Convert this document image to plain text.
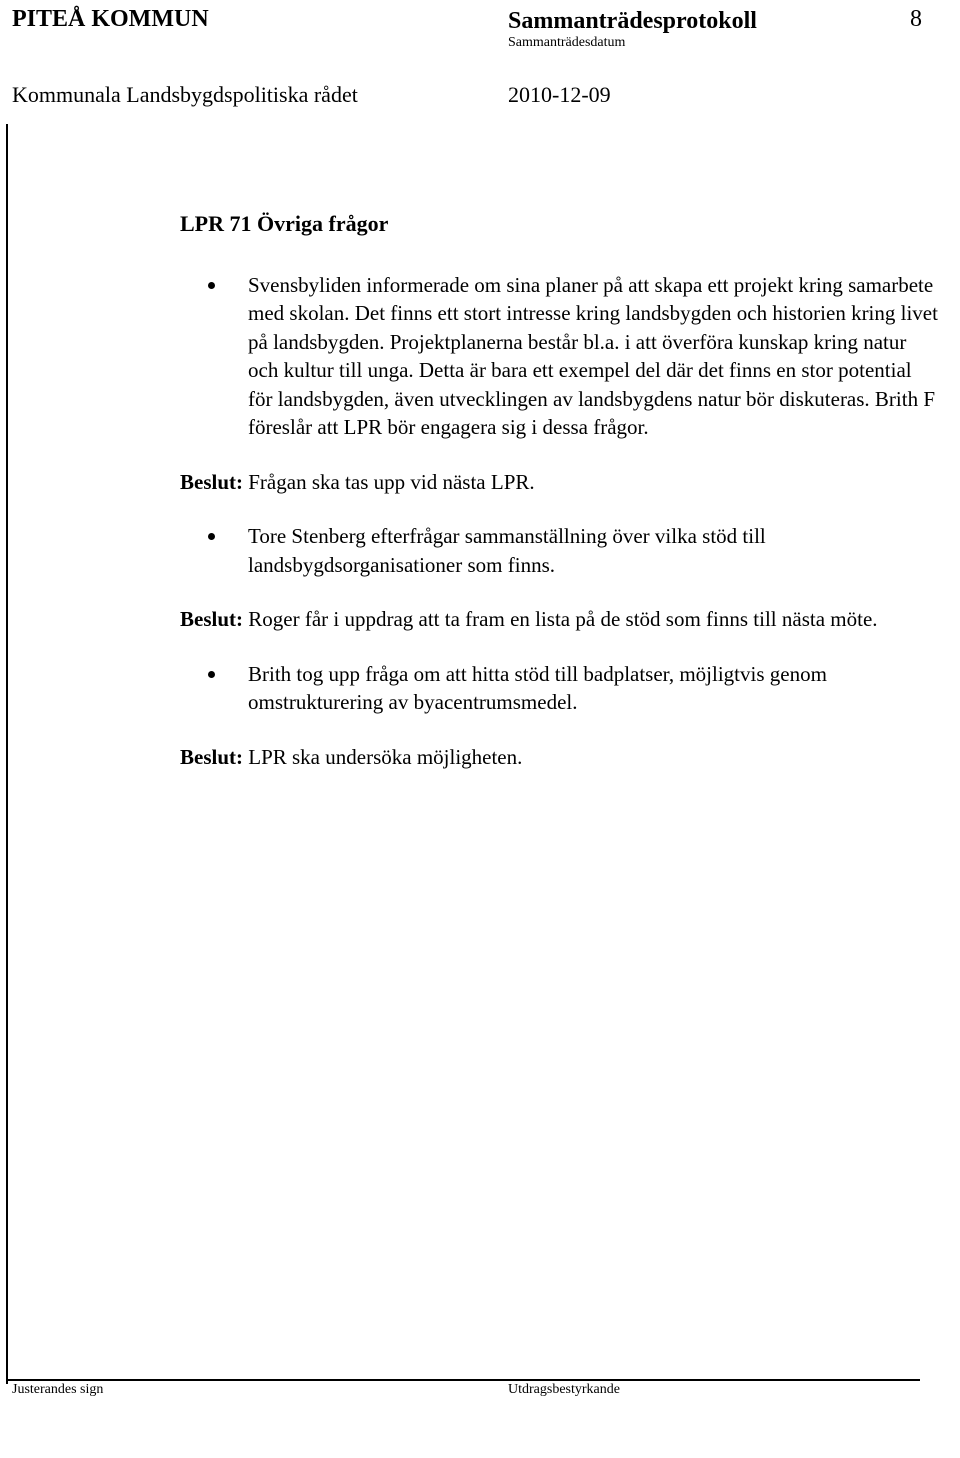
PITEÅ KOMMUN	Sammanträdesprotokoll	8
Sammanträdesdatum
Kommunala Landsbygdspolitiska rådet	2010-12-09
LPR 71 Övriga frågor
Svensbyliden informerade om sina planer på att skapa ett projekt kring samarbete med skolan. Det finns ett stort intresse kring landsbygden och historien kring livet på landsbygden. Projektplanerna består bl.a. i att överföra kunskap kring natur och kultur till unga. Detta är bara ett exempel del där det finns en stor potential för landsbygden, även utvecklingen av landsbygdens natur bör diskuteras. Brith F föreslår att LPR bör engagera sig i dessa frågor.
Beslut: Frågan ska tas upp vid nästa LPR.
Tore Stenberg efterfrågar sammanställning över vilka stöd till landsbygdsorganisationer som finns.
Beslut: Roger får i uppdrag att ta fram en lista på de stöd som finns till nästa möte.
Brith tog upp fråga om att hitta stöd till badplatser, möjligtvis genom omstrukturering av byacentrumsmedel.
Beslut: LPR ska undersöka möjligheten.
Justerandes sign	Utdragsbestyrkande
